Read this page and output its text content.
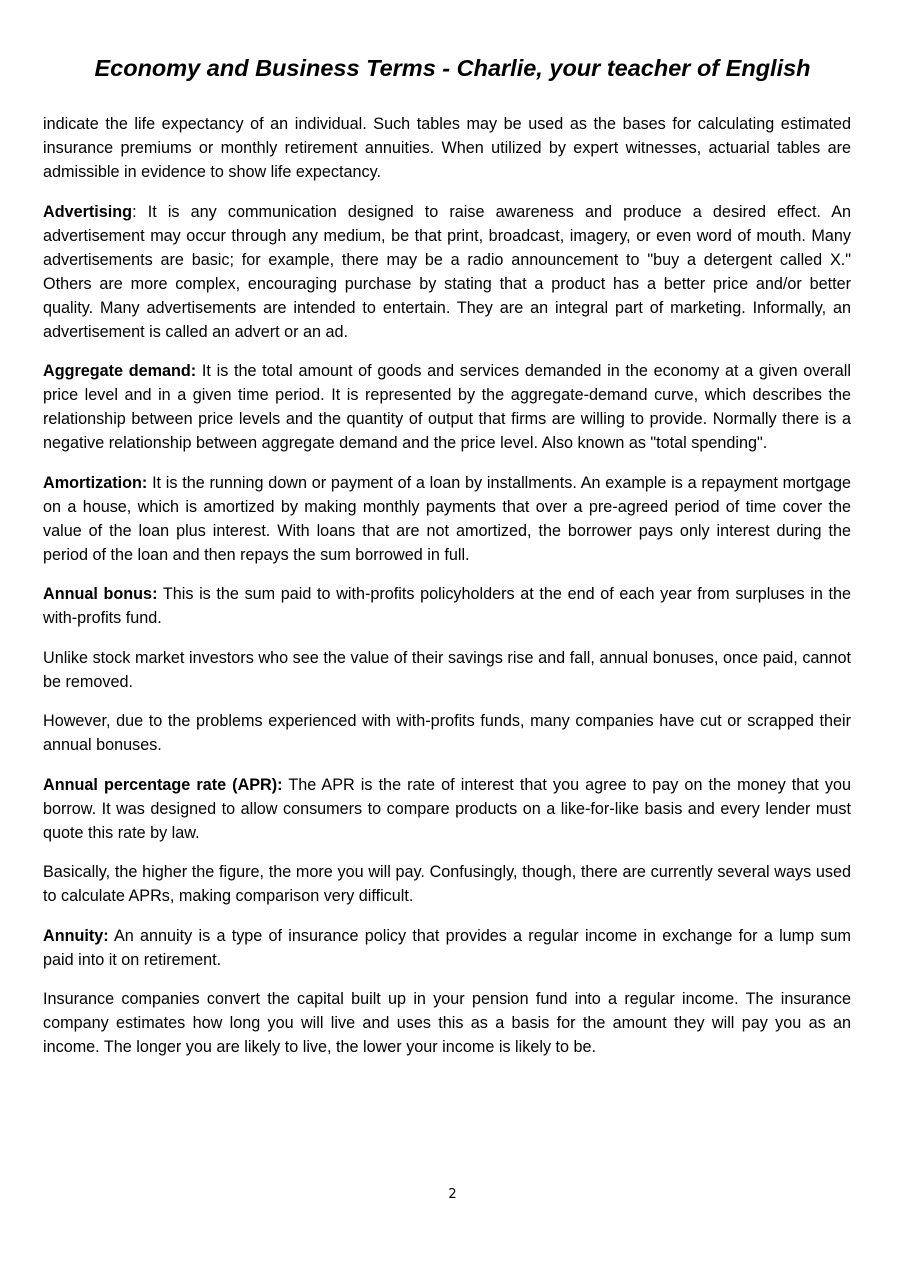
Economy and Business Terms - Charlie, your teacher of English

indicate the life expectancy of an individual. Such tables may be used as the bases for calculating estimated insurance premiums or monthly retirement annuities. When utilized by expert witnesses, actuarial tables are admissible in evidence to show life expectancy.

Advertising: It is any communication designed to raise awareness and produce a desired effect. An advertisement may occur through any medium, be that print, broadcast, imagery, or even word of mouth. Many advertisements are basic; for example, there may be a radio announcement to "buy a detergent called X." Others are more complex, encouraging purchase by stating that a product has a better price and/or better quality. Many advertisements are intended to entertain. They are an integral part of marketing. Informally, an advertisement is called an advert or an ad.

Aggregate demand: It is the total amount of goods and services demanded in the economy at a given overall price level and in a given time period. It is represented by the aggregate-demand curve, which describes the relationship between price levels and the quantity of output that firms are willing to provide. Normally there is a negative relationship between aggregate demand and the price level. Also known as "total spending".

Amortization: It is the running down or payment of a loan by installments. An example is a repayment mortgage on a house, which is amortized by making monthly payments that over a pre-agreed period of time cover the value of the loan plus interest. With loans that are not amortized, the borrower pays only interest during the period of the loan and then repays the sum borrowed in full.

Annual bonus: This is the sum paid to with-profits policyholders at the end of each year from surpluses in the with-profits fund.

Unlike stock market investors who see the value of their savings rise and fall, annual bonuses, once paid, cannot be removed.

However, due to the problems experienced with with-profits funds, many companies have cut or scrapped their annual bonuses.

Annual percentage rate (APR): The APR is the rate of interest that you agree to pay on the money that you borrow. It was designed to allow consumers to compare products on a like-for-like basis and every lender must quote this rate by law.

Basically, the higher the figure, the more you will pay. Confusingly, though, there are currently several ways used to calculate APRs, making comparison very difficult.

Annuity: An annuity is a type of insurance policy that provides a regular income in exchange for a lump sum paid into it on retirement.

Insurance companies convert the capital built up in your pension fund into a regular income. The insurance company estimates how long you will live and uses this as a basis for the amount they will pay you as an income. The longer you are likely to live, the lower your income is likely to be.

2
